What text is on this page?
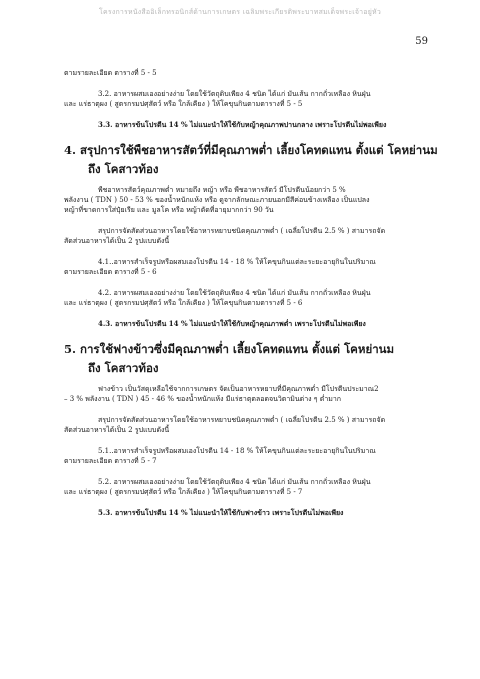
โครงการหนังสืออิเล็กทรอนิกส์ด้านการเกษตร เฉลิมพระเกียรติพระบาทสมเด็จพระเจ้าอยู่หัว
59
ตามรายละเอียด ตารางที่ 5 - 5
3.2. อาหารผสมเองอย่างง่าย โดยใช้วัตถุดิบเพียง 4 ชนิด ได้แก่ มันเส้น กากถั่วเหลือง หินฝุ่น
และ แร่ธาตุผง ( สูตรกรมปศุสัตว์ หรือ ใกล้เคียง ) ให้โคขุนกินตามตารางที่ 5 - 5
3.3. อาหารข้นโปรตีน 14 % ไม่แนะนำให้ใช้กับหญ้าคุณภาพปานกลาง เพราะโปรตีนไม่พอเพียง
4. สรุปการใช้พืชอาหารสัตว์ที่มีคุณภาพต่ำ เลี้ยงโคทดแทน ตั้งแต่ โคหย่านม
ถึง โคสาวท้อง
พืชอาหารสัตว์คุณภาพต่ำ หมายถึง หญ้า หรือ พืชอาหารสัตว์ มีโปรตีนน้อยกว่า 5 %
พลังงาน ( TDN ) 50 - 53 % ของน้ำหนักแห้ง หรือ ดูจากลักษณะภายนอกมีสีค่อนข้างเหลือง เป็นแปลง
หญ้าที่ขาดการใส่ปุ๋ยเรีย และ มูลโค หรือ หญ้าตัดที่อายุมากกว่า 90 วัน
สรุปการจัดสัดส่วนอาหารโดยใช้อาหารหยาบชนิดคุณภาพต่ำ ( เฉลี่ยโปรตีน 2.5 % ) สามารถจัด
สัดส่วนอาหารได้เป็น 2 รูปแบบดังนี้
4.1..อาหารสำเร็จรูปหรือผสมเองโปรตีน 14 - 18 % ให้โคขุนกินแต่ละระยะอายุกินในปริมาณ
ตามรายละเอียด ตารางที่ 5 - 6
4.2. อาหารผสมเองอย่างง่าย โดยใช้วัตถุดิบเพียง 4 ชนิด ได้แก่ มันเส้น กากถั่วเหลือง หินฝุ่น
และ แร่ธาตุผง ( สูตรกรมปศุสัตว์ หรือ ใกล้เคียง ) ให้โคขุนกินตามตารางที่ 5 - 6
4.3. อาหารข้นโปรตีน 14 % ไม่แนะนำให้ใช้กับหญ้าคุณภาพต่ำ เพราะโปรตีนไม่พอเพียง
5. การใช้ฟางข้าวซึ่งมีคุณภาพต่ำ เลี้ยงโคทดแทน ตั้งแต่ โคหย่านม
ถึง โคสาวท้อง
ฟางข้าว เป็นวัสดุเหลือใช้จากการเกษตร จัดเป็นอาหารหยาบที่มีคุณภาพต่ำ มีโปรตีนประมาณ2
– 3 % พลังงาน ( TDN ) 45 - 46 % ของน้ำหนักแห้ง มีแร่ธาตุตลอดจนวิตามินต่าง ๆ ต่ำมาก
สรุปการจัดสัดส่วนอาหารโดยใช้อาหารหยาบชนิดคุณภาพต่ำ ( เฉลี่ยโปรตีน 2.5 % ) สามารถจัด
สัดส่วนอาหารได้เป็น 2 รูปแบบดังนี้
5.1..อาหารสำเร็จรูปหรือผสมเองโปรตีน 14 - 18 % ให้โคขุนกินแต่ละระยะอายุกินในปริมาณ
ตามรายละเอียด ตารางที่ 5 - 7
5.2. อาหารผสมเองอย่างง่าย โดยใช้วัตถุดิบเพียง 4 ชนิด ได้แก่ มันเส้น กากถั่วเหลือง หินฝุ่น
และ แร่ธาตุผง ( สูตรกรมปศุสัตว์ หรือ ใกล้เคียง ) ให้โคขุนกินตามตารางที่ 5 - 7
5.3. อาหารข้นโปรตีน 14 % ไม่แนะนำให้ใช้กับฟางข้าว เพราะโปรตีนไม่พอเพียง
